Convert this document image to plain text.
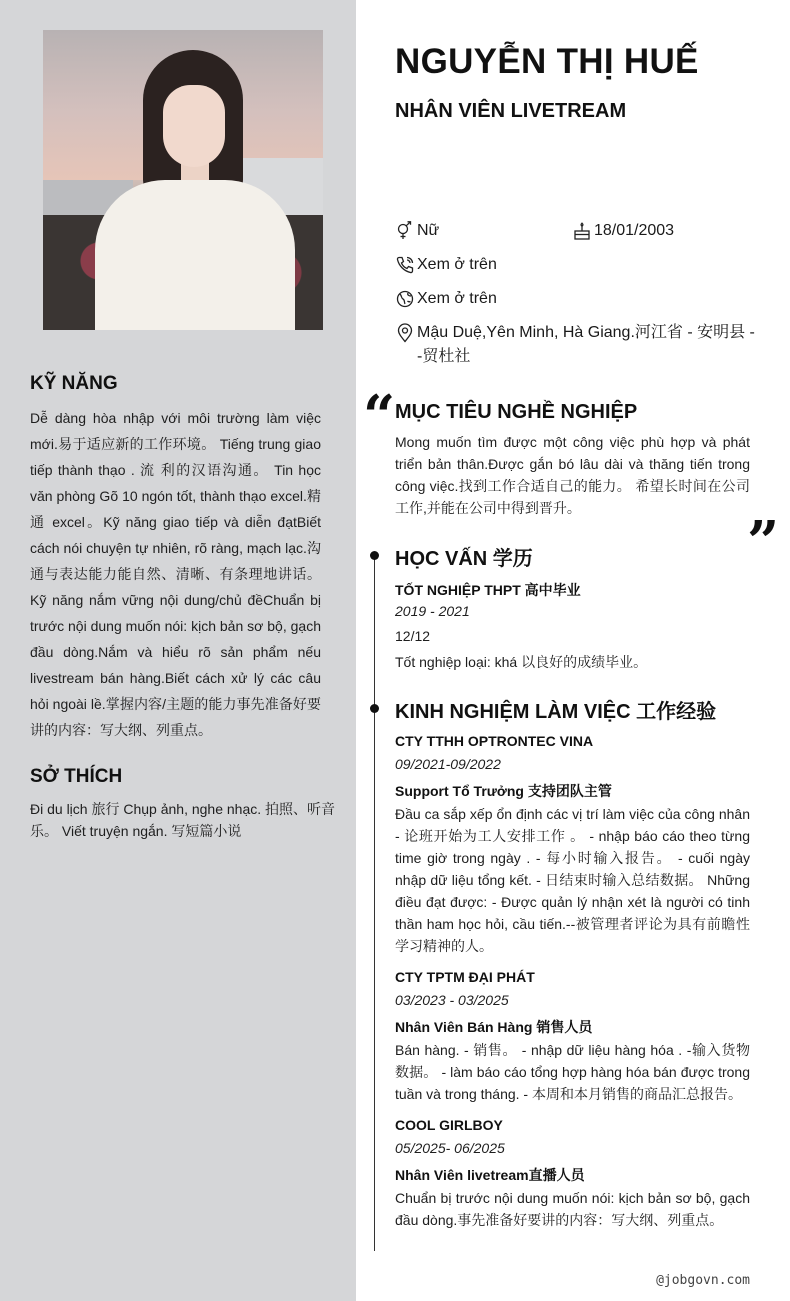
KỸ NĂNG
Dễ dàng hòa nhập với môi trường làm việc mới.易于适应新的工作环境。 Tiếng trung giao tiếp thành thạo . 流 利的汉语沟通。 Tin học văn phòng Gõ 10 ngón tốt, thành thạo excel.精通 excel。Kỹ năng giao tiếp và diễn đạtBiết cách nói chuyện tự nhiên, rõ ràng, mạch lạc.沟通与表达能力能自然、清晰、有条理地讲话。 Kỹ năng nắm vững nội dung/chủ đềChuẩn bị trước nội dung muốn nói: kịch bản sơ bộ, gạch đầu dòng.Nắm và hiểu rõ sản phẩm nếu livestream bán hàng.Biết cách xử lý các câu hỏi ngoài lề.掌握内容/主题的能力事先准备好要讲的内容：写大纲、列重点。
SỞ THÍCH
Đi du lịch 旅行 Chụp ảnh, nghe nhạc. 拍照、听音乐。 Viết truyện ngắn. 写短篇小说
NGUYỄN THỊ HUẾ
NHÂN VIÊN LIVETREAM
Nữ	18/01/2003
Xem ở trên
Xem ở trên
Mậu Duệ,Yên Minh, Hà Giang.河江省 - 安明县 --贸杜社
“
”
MỤC TIÊU NGHỀ NGHIỆP
Mong muốn tìm được một công việc phù hợp và phát triển bản thân.Được gắn bó lâu dài và thăng tiến trong công việc.找到工作合适自己的能力。 希望长时间在公司工作,并能在公司中得到晋升。
HỌC VẤN 学历
TỐT NGHIỆP THPT 高中毕业
2019 - 2021
12/12
Tốt nghiệp loại: khá 以良好的成绩毕业。
KINH NGHIỆM LÀM VIỆC 工作经验
CTY TTHH OPTRONTEC VINA
09/2021-09/2022
Support Tổ Trưởng 支持团队主管
Đầu ca sắp xếp ổn định các vị trí làm việc của công nhân - 论班开始为工人安排工作 。 - nhập báo cáo theo từng time giờ trong ngày . - 每小时输入报告。 - cuối ngày nhập dữ liệu tổng kết. - 日结束时输入总结数据。 Những điều đạt được: - Được quản lý nhận xét là người có tinh thần ham học hỏi, cầu tiến.--被管理者评论为具有前瞻性学习精神的人。
CTY TPTM ĐẠI PHÁT
03/2023 - 03/2025
Nhân Viên Bán Hàng 销售人员
Bán hàng. - 销售。 - nhập dữ liệu hàng hóa . -输入货物数据。 - làm báo cáo tổng hợp hàng hóa bán được trong tuần và trong tháng. - 本周和本月销售的商品汇总报告。
COOL GIRLBOY
05/2025- 06/2025
Nhân Viên livetream直播人员
Chuẩn bị trước nội dung muốn nói: kịch bản sơ bộ, gạch đầu dòng.事先准备好要讲的内容：写大纲、列重点。
@jobgovn.com
